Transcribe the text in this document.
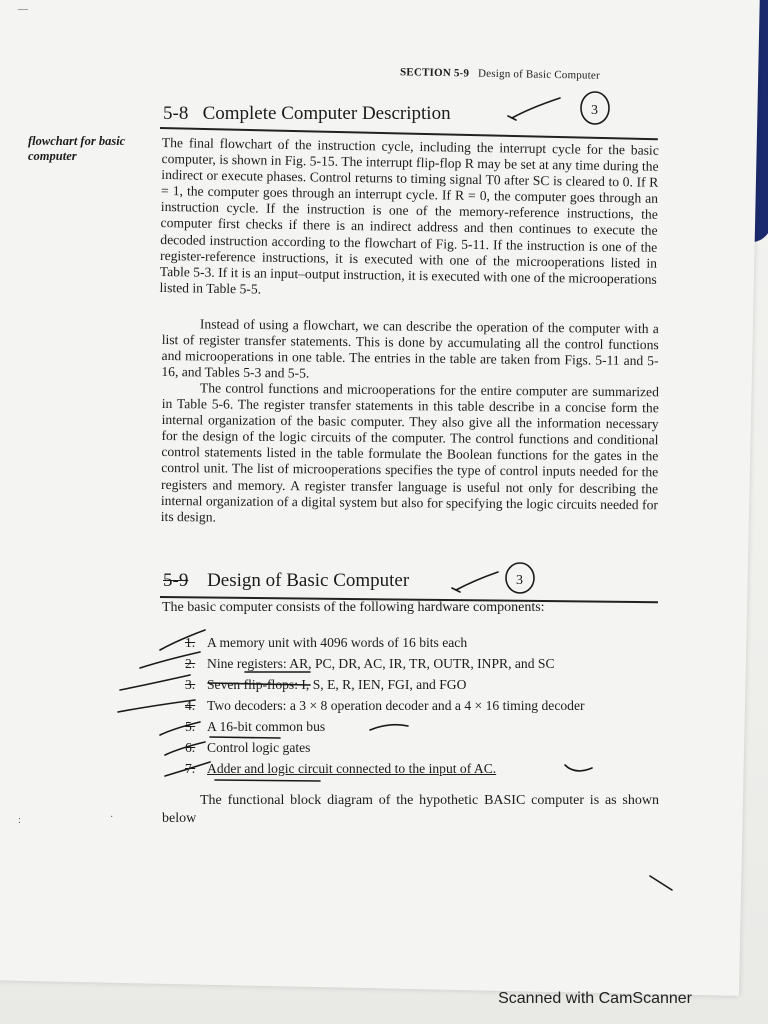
SECTION 5-9 Design of Basic Computer
5-8 Complete Computer Description
flowchart for basic computer	The final flowchart of the instruction cycle, including the interrupt cycle for the basic computer, is shown in Fig. 5-15. The interrupt flip-flop R may be set at any time during the indirect or execute phases. Control returns to timing signal T0 after SC is cleared to 0. If R = 1, the computer goes through an interrupt cycle. If R = 0, the computer goes through an instruction cycle. If the instruction is one of the memory-reference instructions, the computer first checks if there is an indirect address and then continues to execute the decoded instruction according to the flowchart of Fig. 5-11. If the instruction is one of the register-reference instructions, it is executed with one of the microoperations listed in Table 5-3. If it is an input–output instruction, it is executed with one of the microoperations listed in Table 5-5.

Instead of using a flowchart, we can describe the operation of the computer with a list of register transfer statements. This is done by accumulating all the control functions and microoperations in one table. The entries in the table are taken from Figs. 5-11 and 5-16, and Tables 5-3 and 5-5.

The control functions and microoperations for the entire computer are summarized in Table 5-6. The register transfer statements in this table describe in a concise form the internal organization of the basic computer. They also give all the information necessary for the design of the logic circuits of the computer. The control functions and conditional control statements listed in the table formulate the Boolean functions for the gates in the control unit. The list of microoperations specifies the type of control inputs needed for the registers and memory. A register transfer language is useful not only for describing the internal organization of a digital system but also for specifying the logic circuits needed for its design.

5-9 Design of Basic Computer

The basic computer consists of the following hardware components:

1. A memory unit with 4096 words of 16 bits each
2. Nine registers: AR, PC, DR, AC, IR, TR, OUTR, INPR, and SC
3. Seven flip-flops: I, S, E, R, IEN, FGI, and FGO
4. Two decoders: a 3 × 8 operation decoder and a 4 × 16 timing decoder
5. A 16-bit common bus
6. Control logic gates
7. Adder and logic circuit connected to the input of AC.

The functional block diagram of the hypothetic BASIC computer is as shown below

3
3
—
:	·
Scanned with CamScanner
